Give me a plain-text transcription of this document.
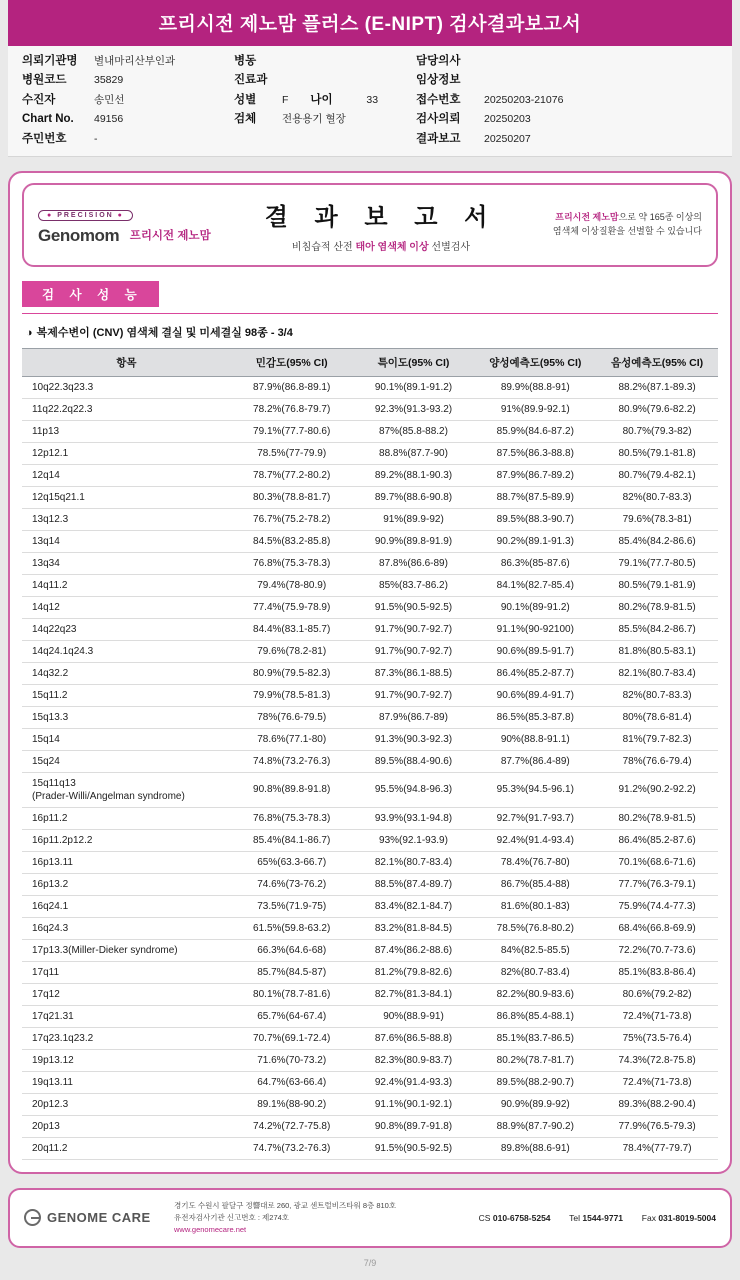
프리시전 제노맘 플러스 (E-NIPT) 검사결과보고서
의뢰기관명	별내마리산부인과
병원코드	35829
수진자	송민선
Chart No.	49156
주민번호	-
병동
진료과
성별	F 나이	33
검체	전용용기 혈장
담당의사
임상정보
접수번호	20250203-21076
검사의뢰	20250203
결과보고	20250207
● PRECISION ●
Genomom 프리시전 제노맘
결 과 보 고 서
비침습적 산전 태아 염색체 이상 선별검사
프리시전 제노맘으로 약 165종 이상의
염색체 이상질환을 선별할 수 있습니다
검 사 성 능
◑ 복제수변이 (CNV) 염색체 결실 및 미세결실 98종 - 3/4
항목	민감도(95% CI)	특이도(95% CI)	양성예측도(95% CI)	음성예측도(95% CI)
10q22.3q23.3	87.9%(86.8-89.1)	90.1%(89.1-91.2)	89.9%(88.8-91)	88.2%(87.1-89.3)
11q22.2q22.3	78.2%(76.8-79.7)	92.3%(91.3-93.2)	91%(89.9-92.1)	80.9%(79.6-82.2)
11p13	79.1%(77.7-80.6)	87%(85.8-88.2)	85.9%(84.6-87.2)	80.7%(79.3-82)
12p12.1	78.5%(77-79.9)	88.8%(87.7-90)	87.5%(86.3-88.8)	80.5%(79.1-81.8)
12q14	78.7%(77.2-80.2)	89.2%(88.1-90.3)	87.9%(86.7-89.2)	80.7%(79.4-82.1)
12q15q21.1	80.3%(78.8-81.7)	89.7%(88.6-90.8)	88.7%(87.5-89.9)	82%(80.7-83.3)
13q12.3	76.7%(75.2-78.2)	91%(89.9-92)	89.5%(88.3-90.7)	79.6%(78.3-81)
13q14	84.5%(83.2-85.8)	90.9%(89.8-91.9)	90.2%(89.1-91.3)	85.4%(84.2-86.6)
13q34	76.8%(75.3-78.3)	87.8%(86.6-89)	86.3%(85-87.6)	79.1%(77.7-80.5)
14q11.2	79.4%(78-80.9)	85%(83.7-86.2)	84.1%(82.7-85.4)	80.5%(79.1-81.9)
14q12	77.4%(75.9-78.9)	91.5%(90.5-92.5)	90.1%(89-91.2)	80.2%(78.9-81.5)
14q22q23	84.4%(83.1-85.7)	91.7%(90.7-92.7)	91.1%(90-92100)	85.5%(84.2-86.7)
14q24.1q24.3	79.6%(78.2-81)	91.7%(90.7-92.7)	90.6%(89.5-91.7)	81.8%(80.5-83.1)
14q32.2	80.9%(79.5-82.3)	87.3%(86.1-88.5)	86.4%(85.2-87.7)	82.1%(80.7-83.4)
15q11.2	79.9%(78.5-81.3)	91.7%(90.7-92.7)	90.6%(89.4-91.7)	82%(80.7-83.3)
15q13.3	78%(76.6-79.5)	87.9%(86.7-89)	86.5%(85.3-87.8)	80%(78.6-81.4)
15q14	78.6%(77.1-80)	91.3%(90.3-92.3)	90%(88.8-91.1)	81%(79.7-82.3)
15q24	74.8%(73.2-76.3)	89.5%(88.4-90.6)	87.7%(86.4-89)	78%(76.6-79.4)
15q11q13
(Prader-Willi/Angelman syndrome)	90.8%(89.8-91.8)	95.5%(94.8-96.3)	95.3%(94.5-96.1)	91.2%(90.2-92.2)
16p11.2	76.8%(75.3-78.3)	93.9%(93.1-94.8)	92.7%(91.7-93.7)	80.2%(78.9-81.5)
16p11.2p12.2	85.4%(84.1-86.7)	93%(92.1-93.9)	92.4%(91.4-93.4)	86.4%(85.2-87.6)
16p13.11	65%(63.3-66.7)	82.1%(80.7-83.4)	78.4%(76.7-80)	70.1%(68.6-71.6)
16p13.2	74.6%(73-76.2)	88.5%(87.4-89.7)	86.7%(85.4-88)	77.7%(76.3-79.1)
16q24.1	73.5%(71.9-75)	83.4%(82.1-84.7)	81.6%(80.1-83)	75.9%(74.4-77.3)
16q24.3	61.5%(59.8-63.2)	83.2%(81.8-84.5)	78.5%(76.8-80.2)	68.4%(66.8-69.9)
17p13.3(Miller-Dieker syndrome)	66.3%(64.6-68)	87.4%(86.2-88.6)	84%(82.5-85.5)	72.2%(70.7-73.6)
17q11	85.7%(84.5-87)	81.2%(79.8-82.6)	82%(80.7-83.4)	85.1%(83.8-86.4)
17q12	80.1%(78.7-81.6)	82.7%(81.3-84.1)	82.2%(80.9-83.6)	80.6%(79.2-82)
17q21.31	65.7%(64-67.4)	90%(88.9-91)	86.8%(85.4-88.1)	72.4%(71-73.8)
17q23.1q23.2	70.7%(69.1-72.4)	87.6%(86.5-88.8)	85.1%(83.7-86.5)	75%(73.5-76.4)
19p13.12	71.6%(70-73.2)	82.3%(80.9-83.7)	80.2%(78.7-81.7)	74.3%(72.8-75.8)
19q13.11	64.7%(63-66.4)	92.4%(91.4-93.3)	89.5%(88.2-90.7)	72.4%(71-73.8)
20p12.3	89.1%(88-90.2)	91.1%(90.1-92.1)	90.9%(89.9-92)	89.3%(88.2-90.4)
20p13	74.2%(72.7-75.8)	90.8%(89.7-91.8)	88.9%(87.7-90.2)	77.9%(76.5-79.3)
20q11.2	74.7%(73.2-76.3)	91.5%(90.5-92.5)	89.8%(88.6-91)	78.4%(77-79.7)
GENOME CARE
경기도 수원시 팔달구 정響대로 260, 광교 센트럴비즈타워 8층 810호
유전자검사기관 신고번호 : 제274호
www.genomecare.net
CS 010-6758-5254 Tel 1544-9771 Fax 031-8019-5004
7/9
